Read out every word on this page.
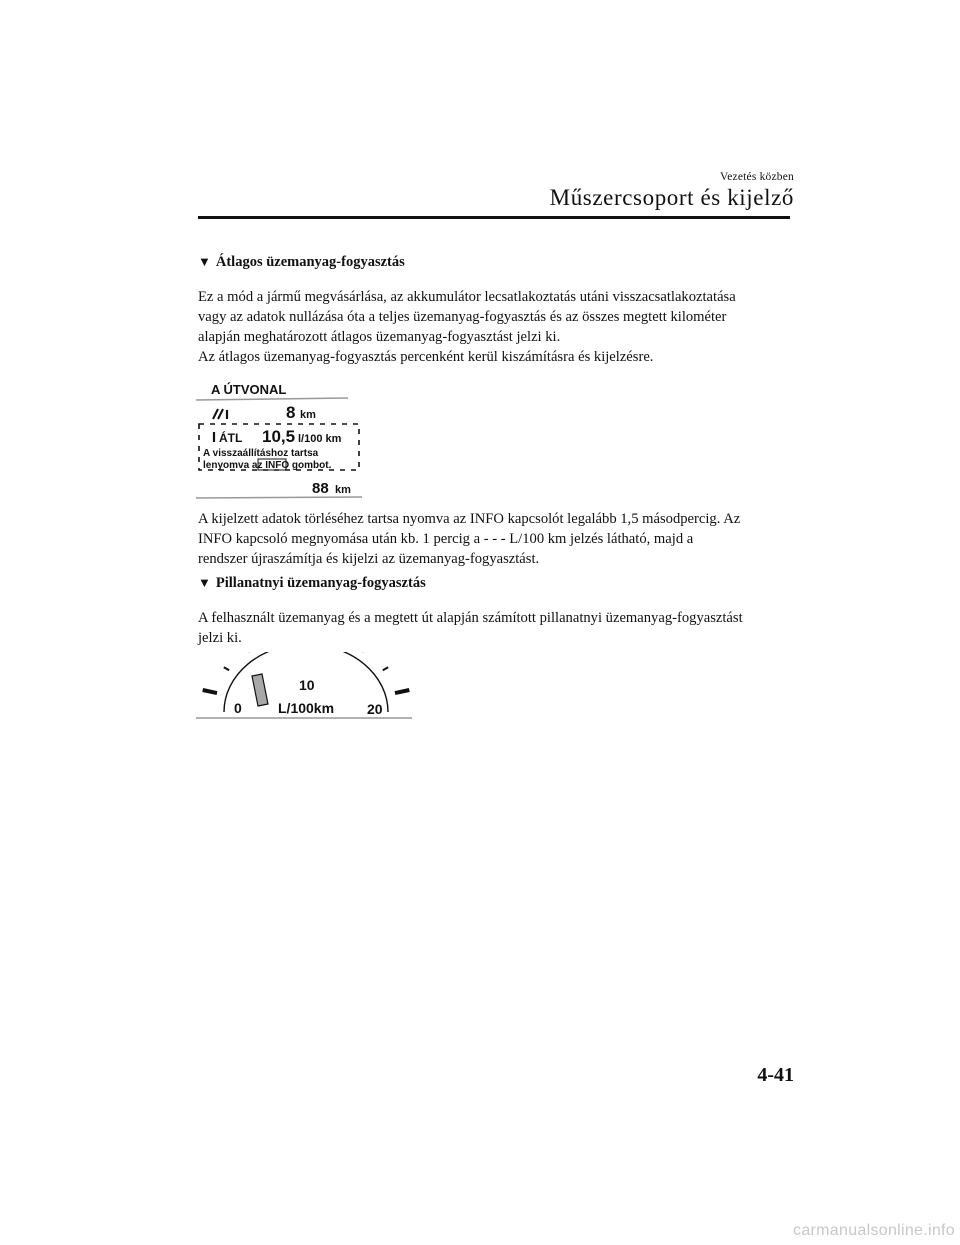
Vezetés közben
Műszercsoport és kijelző
▼ Átlagos üzemanyag-fogyasztás

Ez a mód a jármű megvásárlása, az akkumulátor lecsatlakoztatás utáni visszacsatlakoztatása

vagy az adatok nullázása óta a teljes üzemanyag-fogyasztás és az összes megtett kilométer

alapján meghatározott átlagos üzemanyag-fogyasztást jelzi ki.

Az átlagos üzemanyag-fogyasztás percenként kerül kiszámításra és kijelzésre.

A ÚTVONAL
8 km
ÁTL 10,5 l/100 km
A visszaállításhoz tartsa
lenyomva az INFO gombot.
88 km

A kijelzett adatok törléséhez tartsa nyomva az INFO kapcsolót legalább 1,5 másodpercig. Az

INFO kapcsoló megnyomása után kb. 1 percig a - - - L/100 km jelzés látható, majd a

rendszer újraszámítja és kijelzi az üzemanyag-fogyasztást.

▼ Pillanatnyi üzemanyag-fogyasztás

A felhasznált üzemanyag és a megtett út alapján számított pillanatnyi üzemanyag-fogyasztást

jelzi ki.

10
0	L/100km 20
4-41
carmanualsonline.info
